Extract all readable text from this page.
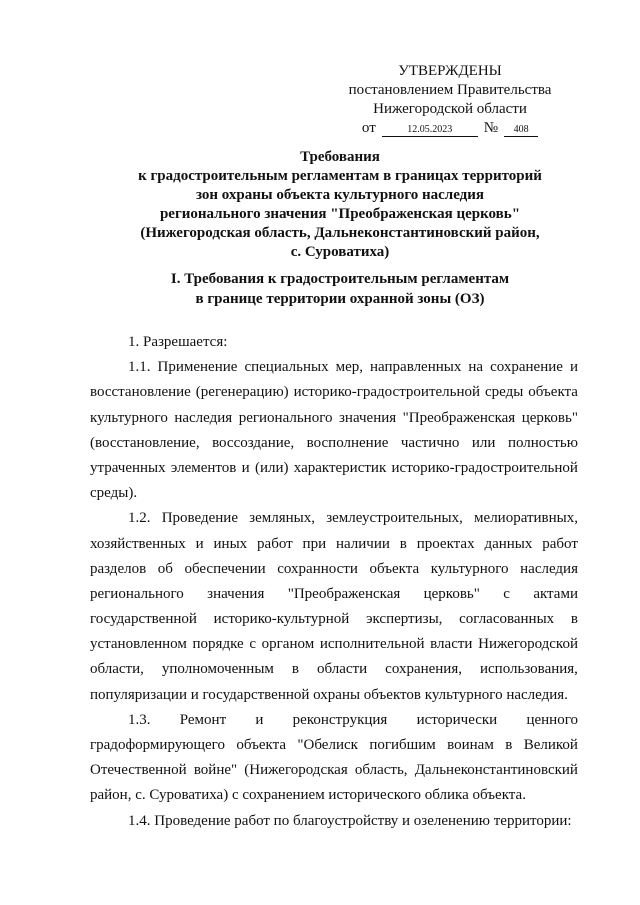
УТВЕРЖДЕНЫ
постановлением Правительства
Нижегородской области
от	12.05.2023	№	408
Требования
к градостроительным регламентам в границах территорий
зон охраны объекта культурного наследия
регионального значения "Преображенская церковь"
(Нижегородская область, Дальнеконстантиновский район,
с. Суроватиха)
I. Требования к градостроительным регламентам
в границе территории охранной зоны (ОЗ)
1. Разрешается:
1.1. Применение специальных мер, направленных на сохранение и
восстановление (регенерацию) историко-градостроительной среды объекта
культурного наследия регионального значения "Преображенская церковь"
(восстановление, воссоздание, восполнение частично или полностью
утраченных элементов и (или) характеристик историко-градостроительной
среды).
1.2. Проведение земляных, землеустроительных, мелиоративных,
хозяйственных и иных работ при наличии в проектах данных работ
разделов об обеспечении сохранности объекта культурного наследия
регионального значения "Преображенская церковь" с актами
государственной историко-культурной экспертизы, согласованных в
установленном порядке с органом исполнительной власти Нижегородской
области, уполномоченным в области сохранения, использования,
популяризации и государственной охраны объектов культурного наследия.
1.3. Ремонт и реконструкция исторически ценного
градоформирующего объекта "Обелиск погибшим воинам в Великой
Отечественной войне" (Нижегородская область, Дальнеконстантиновский
район, с. Суроватиха) с сохранением исторического облика объекта.
1.4. Проведение работ по благоустройству и озеленению территории:
